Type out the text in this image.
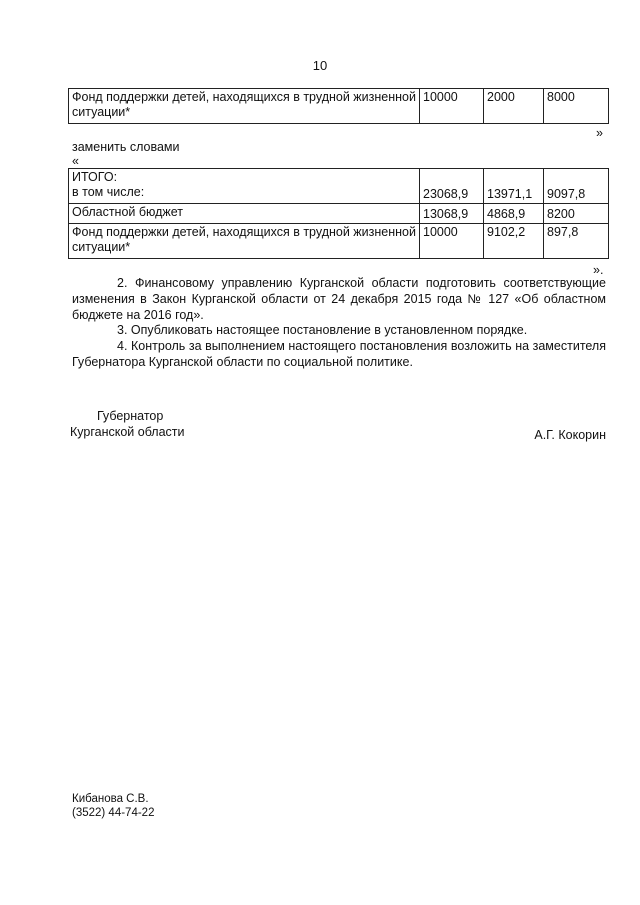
10
Фонд поддержки детей, находящихся в трудной жизненной ситуации*	10000	2000	8000
»
заменить словами
«
ИТОГО:
в том числе:	23068,9	13971,1	9097,8
Областной бюджет	13068,9	4868,9	8200
Фонд поддержки детей, находящихся в трудной жизненной ситуации*	10000	9102,2	897,8
».
2. Финансовому управлению Курганской области подготовить соответствующие изменения в Закон Курганской области от 24 декабря 2015 года № 127 «Об областном бюджете на 2016 год».
3. Опубликовать настоящее постановление в установленном порядке.
4. Контроль за выполнением настоящего постановления возложить на заместителя Губернатора Курганской области по социальной политике.
Губернатор
Курганской области	А.Г. Кокорин
Кибанова С.В.
(3522) 44-74-22
